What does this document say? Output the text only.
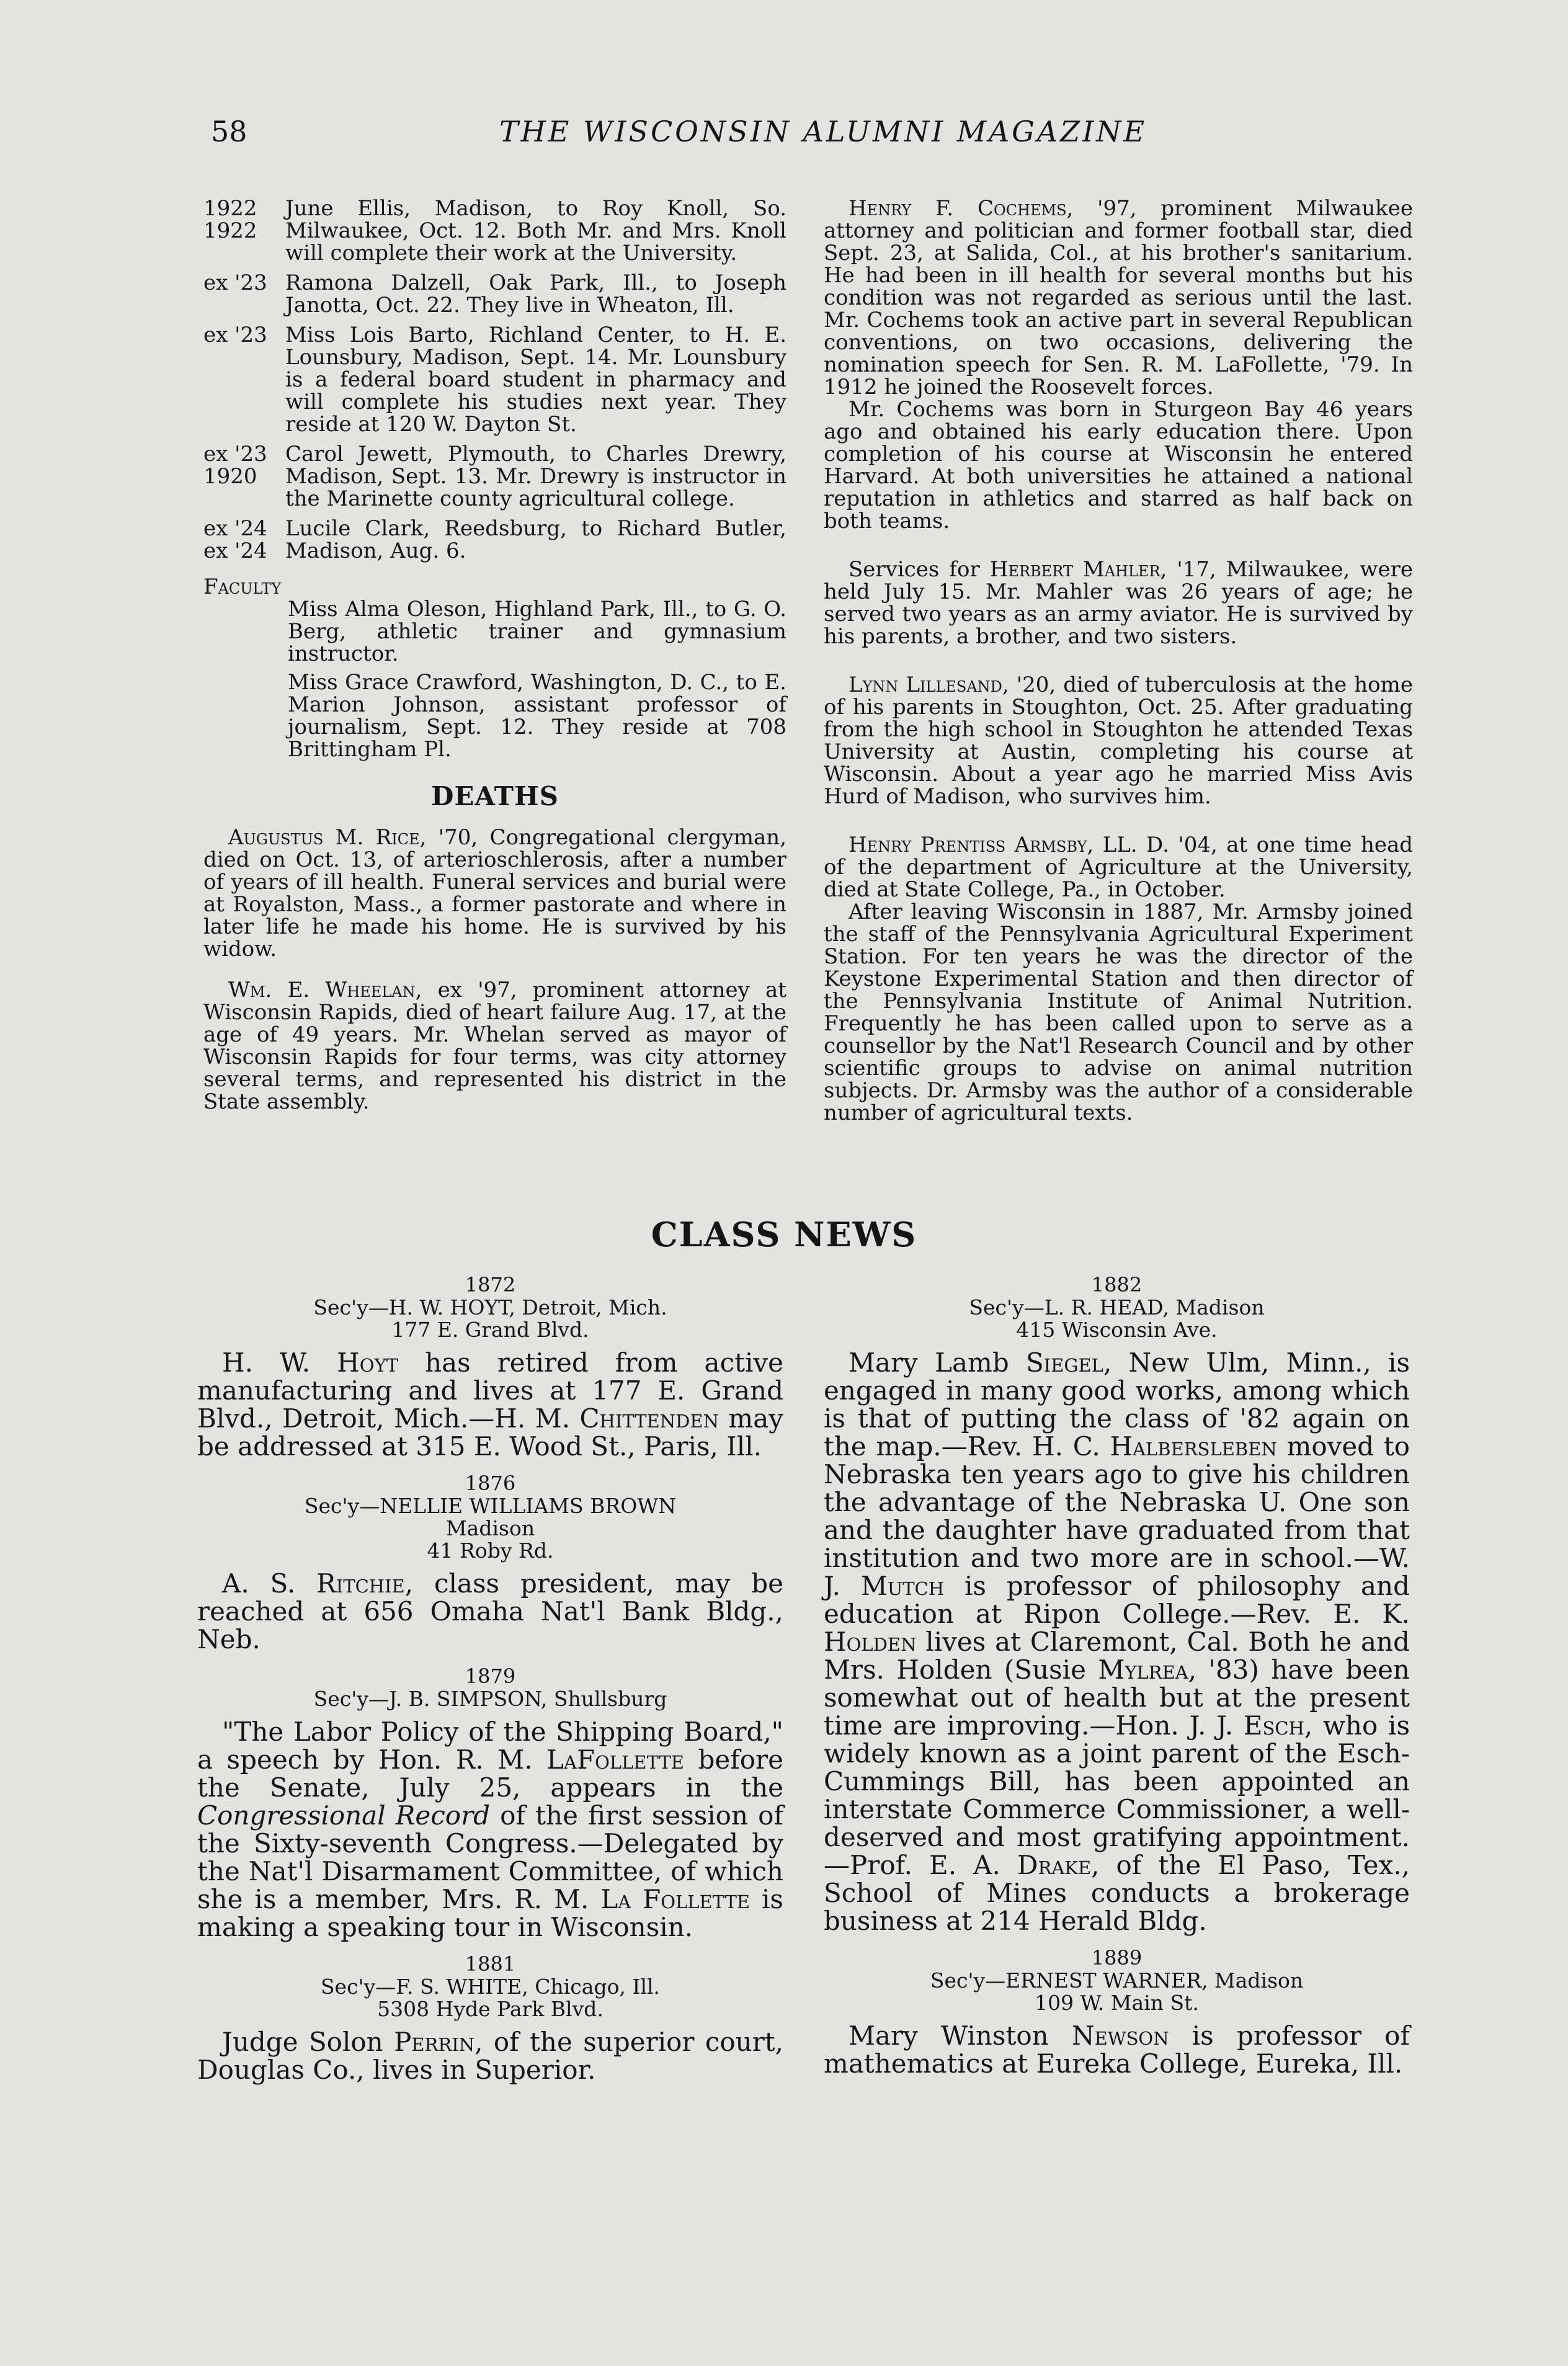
58	THE WISCONSIN ALUMNI MAGAZINE
1922
1922
June Ellis, Madison, to Roy Knoll, So. Milwaukee, Oct. 12. Both Mr. and Mrs. Knoll will complete their work at the University.
ex '23 Ramona Dalzell, Oak Park, Ill., to Joseph Janotta, Oct. 22. They live in Wheaton, Ill.
ex '23 Miss Lois Barto, Richland Center, to H. E. Lounsbury, Madison, Sept. 14. Mr. Lounsbury is a federal board student in pharmacy and will complete his studies next year. They reside at 120 W. Dayton St.
ex '23
1920
Carol Jewett, Plymouth, to Charles Drewry, Madison, Sept. 13. Mr. Drewry is instructor in the Marinette county agricultural college.
ex '24
ex '24
Lucile Clark, Reedsburg, to Richard Butler, Madison, Aug. 6.
Faculty

Miss Alma Oleson, Highland Park, Ill., to G. O. Berg, athletic trainer and gymnasium instructor.

Miss Grace Crawford, Washington, D. C., to E. Marion Johnson, assistant professor of journalism, Sept. 12. They reside at 708 Brittingham Pl.

DEATHS

Augustus M. Rice, '70, Congregational clergyman, died on Oct. 13, of arterioschlerosis, after a number of years of ill health. Funeral services and burial were at Royalston, Mass., a former pastorate and where in later life he made his home. He is survived by his widow.

Wm. E. Wheelan, ex '97, prominent attorney at Wisconsin Rapids, died of heart failure Aug. 17, at the age of 49 years. Mr. Whelan served as mayor of Wisconsin Rapids for four terms, was city attorney several terms, and represented his district in the State assembly.

Henry F. Cochems, '97, prominent Milwaukee attorney and politician and former football star, died Sept. 23, at Salida, Col., at his brother's sanitarium. He had been in ill health for several months but his condition was not regarded as serious until the last. Mr. Cochems took an active part in several Republican conventions, on two occasions, delivering the nomination speech for Sen. R. M. LaFollette, '79. In 1912 he joined the Roosevelt forces.

Mr. Cochems was born in Sturgeon Bay 46 years ago and obtained his early education there. Upon completion of his course at Wisconsin he entered Harvard. At both universities he attained a national reputation in athletics and starred as half back on both teams.

Services for Herbert Mahler, '17, Milwaukee, were held July 15. Mr. Mahler was 26 years of age; he served two years as an army aviator. He is survived by his parents, a brother, and two sisters.

Lynn Lillesand, '20, died of tuberculosis at the home of his parents in Stoughton, Oct. 25. After graduating from the high school in Stoughton he attended Texas University at Austin, completing his course at Wisconsin. About a year ago he married Miss Avis Hurd of Madison, who survives him.

Henry Prentiss Armsby, LL. D. '04, at one time head of the department of Agriculture at the University, died at State College, Pa., in October.

After leaving Wisconsin in 1887, Mr. Armsby joined the staff of the Pennsylvania Agricultural Experiment Station. For ten years he was the director of the Keystone Experimental Station and then director of the Pennsylvania Institute of Animal Nutrition. Frequently he has been called upon to serve as a counsellor by the Nat'l Research Council and by other scientific groups to advise on animal nutrition subjects. Dr. Armsby was the author of a considerable number of agricultural texts.

CLASS NEWS
1872
Sec'y—H. W. HOYT, Detroit, Mich.
177 E. Grand Blvd.

H. W. Hoyt has retired from active manufacturing and lives at 177 E. Grand Blvd., Detroit, Mich.—H. M. Chittenden may be addressed at 315 E. Wood St., Paris, Ill.

1876
Sec'y—NELLIE WILLIAMS BROWN
Madison
41 Roby Rd.

A. S. Ritchie, class president, may be reached at 656 Omaha Nat'l Bank Bldg., Neb.

1879
Sec'y—J. B. SIMPSON, Shullsburg

"The Labor Policy of the Shipping Board," a speech by Hon. R. M. LaFollette before the Senate, July 25, appears in the Congressional Record of the first session of the Sixty-seventh Congress.—Delegated by the Nat'l Disarmament Committee, of which she is a member, Mrs. R. M. La Follette is making a speaking tour in Wisconsin.

1881
Sec'y—F. S. WHITE, Chicago, Ill.
5308 Hyde Park Blvd.

Judge Solon Perrin, of the superior court, Douglas Co., lives in Superior.

1882
Sec'y—L. R. HEAD, Madison
415 Wisconsin Ave.

Mary Lamb Siegel, New Ulm, Minn., is engaged in many good works, among which is that of putting the class of '82 again on the map.—Rev. H. C. Halbersleben moved to Nebraska ten years ago to give his children the advantage of the Nebraska U. One son and the daughter have graduated from that institution and two more are in school.—W. J. Mutch is professor of philosophy and education at Ripon College.—Rev. E. K. Holden lives at Claremont, Cal. Both he and Mrs. Holden (Susie Mylrea, '83) have been somewhat out of health but at the present time are improving.—Hon. J. J. Esch, who is widely known as a joint parent of the Esch-Cummings Bill, has been appointed an interstate Commerce Commissioner, a well-deserved and most gratifying appointment.—Prof. E. A. Drake, of the El Paso, Tex., School of Mines conducts a brokerage business at 214 Herald Bldg.

1889
Sec'y—ERNEST WARNER, Madison
109 W. Main St.

Mary Winston Newson is professor of mathematics at Eureka College, Eureka, Ill.
